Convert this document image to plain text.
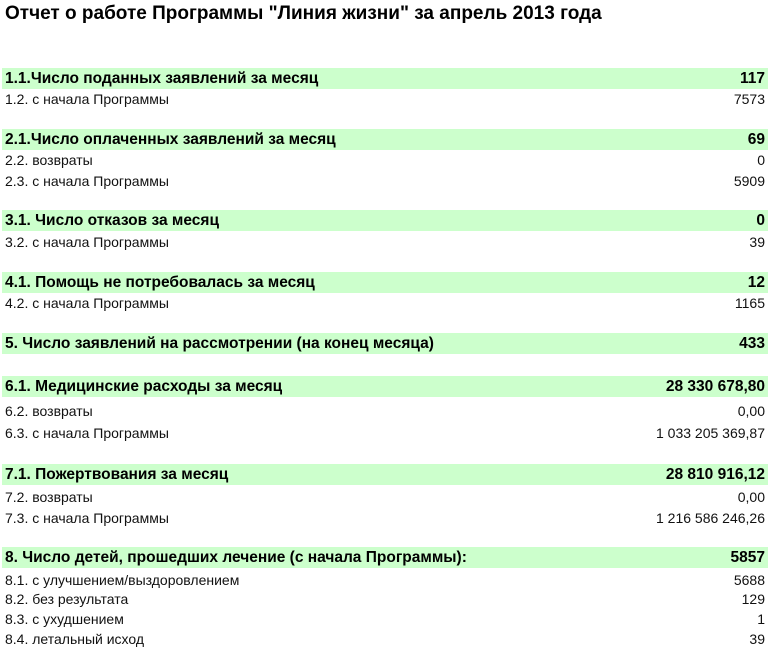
Отчет о работе Программы "Линия жизни" за апрель 2013 года
1.1.Число поданных заявлений за месяц	117
1.2. с начала Программы	7573
2.1.Число оплаченных заявлений за месяц	69
2.2. возвраты	0
2.3. с начала Программы	5909
3.1. Число отказов за месяц	0
3.2. с начала Программы	39
4.1. Помощь не потребовалась за месяц	12
4.2. с начала Программы	1165
5. Число заявлений на рассмотрении (на конец месяца)	433
6.1. Медицинские расходы за месяц	28 330 678,80
6.2. возвраты	0,00
6.3. с начала Программы	1 033 205 369,87
7.1. Пожертвования за месяц	28 810 916,12
7.2. возвраты	0,00
7.3. с начала Программы	1 216 586 246,26
8. Число детей, прошедших лечение (с начала Программы):	5857
8.1. с улучшением/выздоровлением	5688
8.2. без результата	129
8.3. с ухудшением	1
8.4. летальный исход	39
